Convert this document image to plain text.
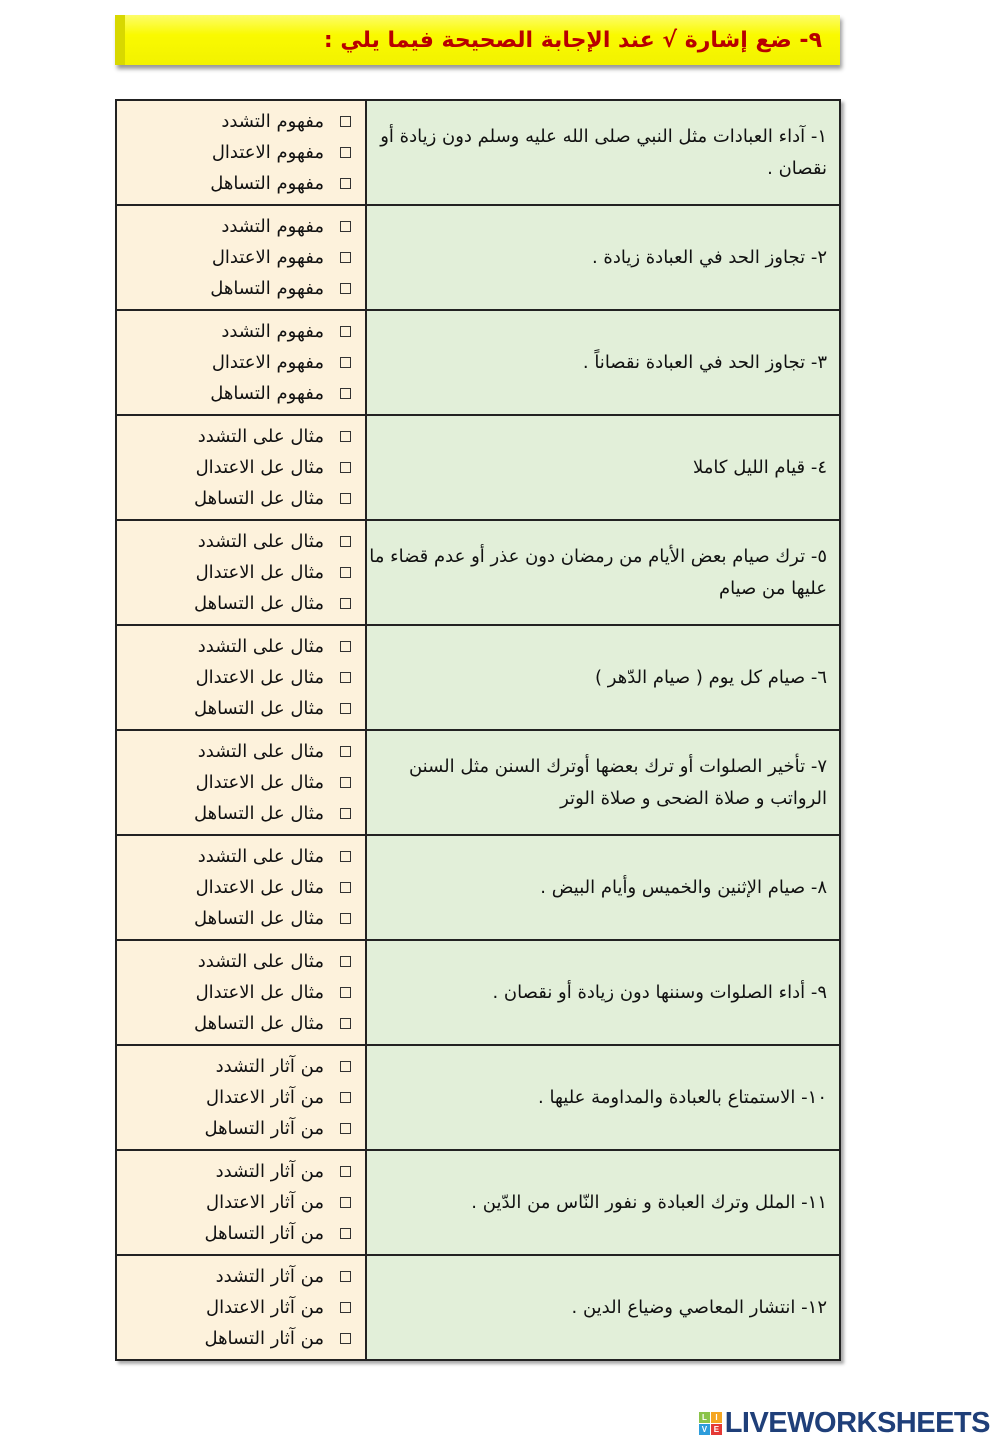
٩- ضع إشارة √ عند الإجابة الصحيحة فيما يلي :
١- آداء العبادات مثل النبي صلى الله عليه وسلم دون زيادة أو نقصان .	مفهوم التشدد
مفهوم الاعتدال
مفهوم التساهل

٢- تجاوز الحد في العبادة زيادة .	مفهوم التشدد
مفهوم الاعتدال
مفهوم التساهل

٣- تجاوز الحد في العبادة نقصاناً .	مفهوم التشدد
مفهوم الاعتدال
مفهوم التساهل

٤- قيام الليل كاملا	مثال على التشدد
مثال عل الاعتدال
مثال عل التساهل

٥- ترك صيام بعض الأيام من رمضان دون عذر أو عدم قضاء ما عليها من صيام	مثال على التشدد
مثال عل الاعتدال
مثال عل التساهل

٦- صيام كل يوم ( صيام الدّهر )	مثال على التشدد
مثال عل الاعتدال
مثال عل التساهل

٧- تأخير الصلوات أو ترك بعضها أوترك السنن مثل السنن الرواتب و صلاة الضحى و صلاة الوتر	مثال على التشدد
مثال عل الاعتدال
مثال عل التساهل

٨- صيام الإثنين والخميس وأيام البيض .	مثال على التشدد
مثال عل الاعتدال
مثال عل التساهل

٩- أداء الصلوات وسننها دون زيادة أو نقصان .	مثال على التشدد
مثال عل الاعتدال
مثال عل التساهل

١٠- الاستمتاع بالعبادة والمداومة عليها .	من آثار التشدد
من آثار الاعتدال
من آثار التساهل

١١- الملل وترك العبادة و نفور النّاس من الدّين .	من آثار التشدد
من آثار الاعتدال
من آثار التساهل

١٢- انتشار المعاصي وضياع الدين .	من آثار التشدد
من آثار الاعتدال
من آثار التساهل
L	I
V E LIVEWORKSHEETS
